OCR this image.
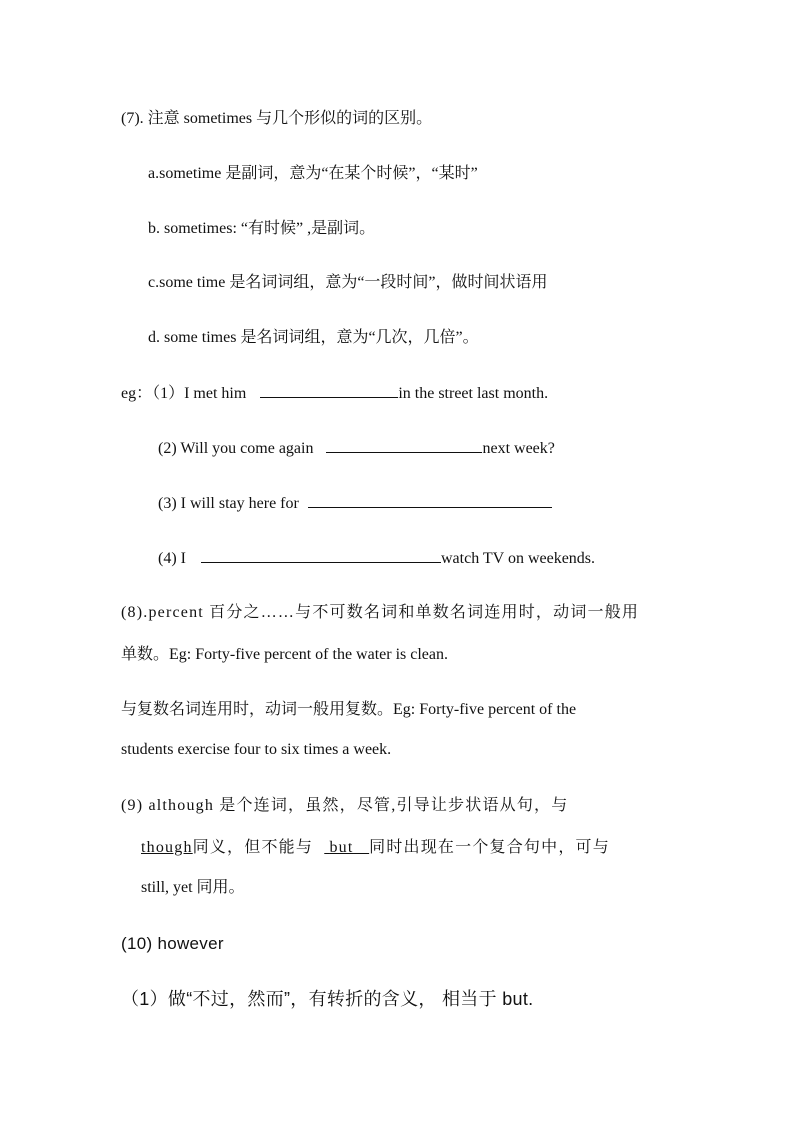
(7). 注意 sometimes 与几个形似的词的区别。
a.sometime 是副词，意为“在某个时候”，“某时”
b. sometimes: “有时候” ,是副词。
c.some time 是名词词组，意为“一段时间”，做时间状语用
d. some times 是名词词组，意为“几次，几倍”。
eg：（1）I met him	in the street last month.
(2) Will you come again	next week?
(3) I will stay here for
(4) I	watch TV on weekends.
(8).percent 百分之……与不可数名词和单数名词连用时，动词一般用
单数。Eg: Forty-five percent of the water is clean.
与复数名词连用时，动词一般用复数。Eg: Forty-five percent of the
students exercise four to six times a week.
(9) although 是个连词，虽然，尽管,引导让步状语从句，与
though同义，但不能与 but 同时出现在一个复合句中，可与
still, yet 同用。
(10) however
（1）做“不过，然而”，有转折的含义， 相当于 but.
